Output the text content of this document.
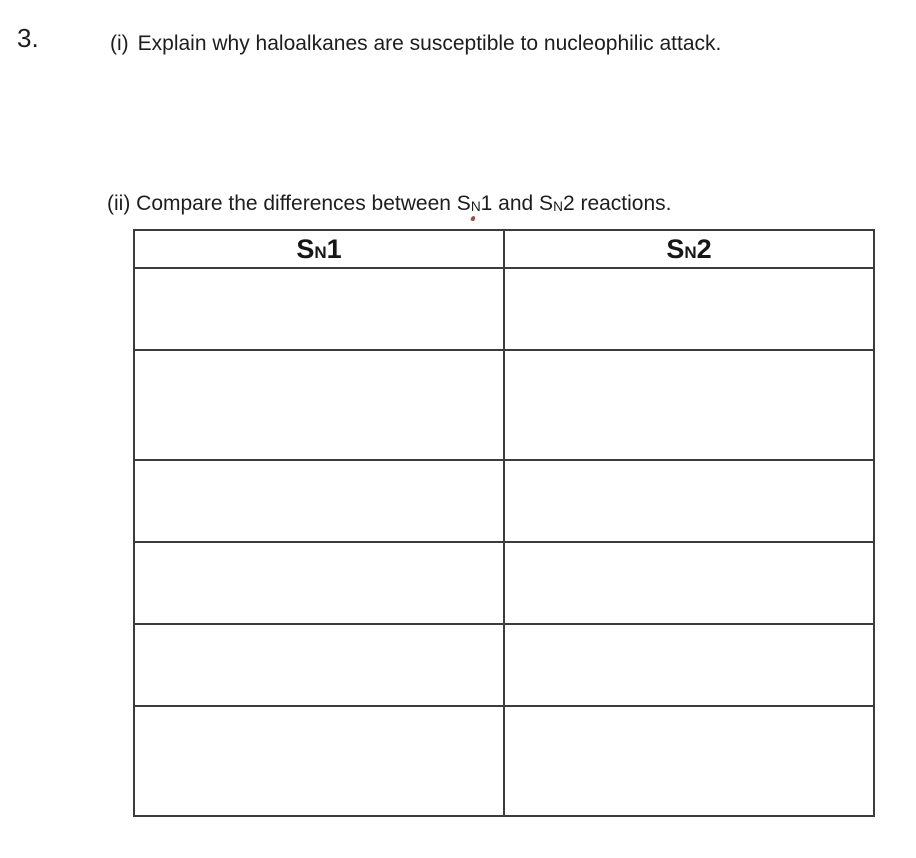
3.	(i) Explain why haloalkanes are susceptible to nucleophilic attack.
(ii) Compare the differences between SN1 and SN2 reactions.
SN1	SN2
